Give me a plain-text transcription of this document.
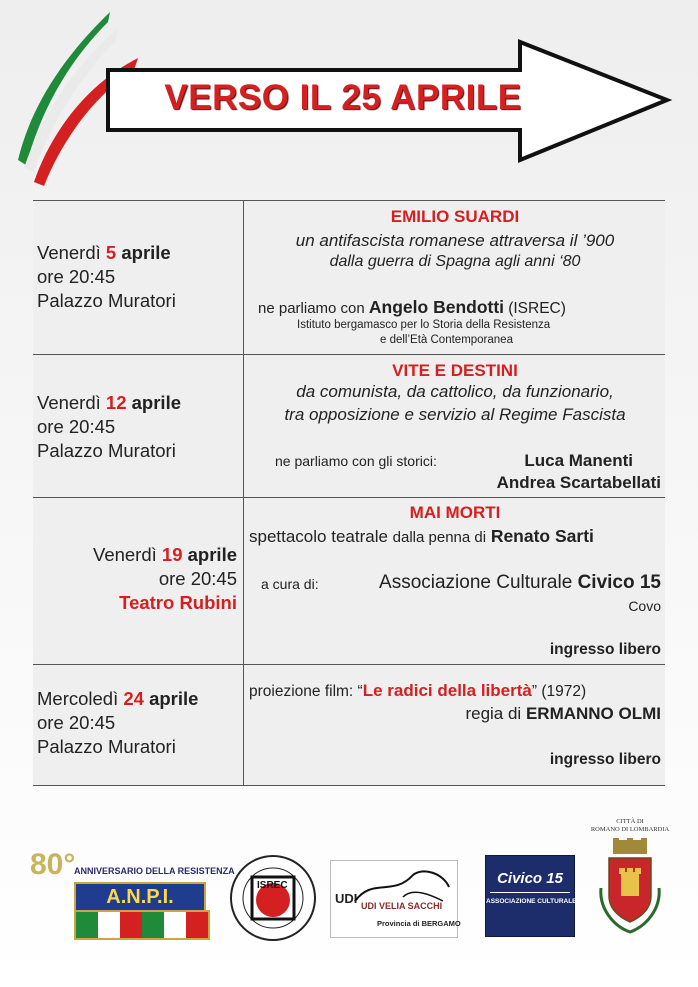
VERSO IL 25 APRILE
Venerdì 5 aprile
ore 20:45
Palazzo Muratori
EMILIO SUARDI
un antifascista romanese attraversa il ’900
dalla guerra di Spagna agli anni ‘80
ne parliamo con Angelo Bendotti (ISREC)
Istituto bergamasco per lo Storia della Resistenza
e dell’Età Contemporanea
Venerdì 12 aprile
ore 20:45
Palazzo Muratori
VITE E DESTINI
da comunista, da cattolico, da funzionario,
tra opposizione e servizio al Regime Fascista
ne parliamo con gli storici:	Luca Manenti
Andrea Scartabellati
Venerdì 19 aprile
ore 20:45
Teatro Rubini
MAI MORTI
spettacolo teatrale dalla penna di Renato Sarti
a cura di:	Associazione Culturale Civico 15
Covo
ingresso libero
Mercoledì 24 aprile
ore 20:45
Palazzo Muratori
proiezione film: “Le radici della libertà” (1972)
regia di ERMANNO OLMI
ingresso libero
80°
ANNIVERSARIO DELLA RESISTENZA
A.N.P.I.
ISREC
UDI UDI VELIA SACCHI
Provincia di BERGAMO
Civico 15
ASSOCIAZIONE CULTURALE
CITTÀ DI
ROMANO DI LOMBARDIA
